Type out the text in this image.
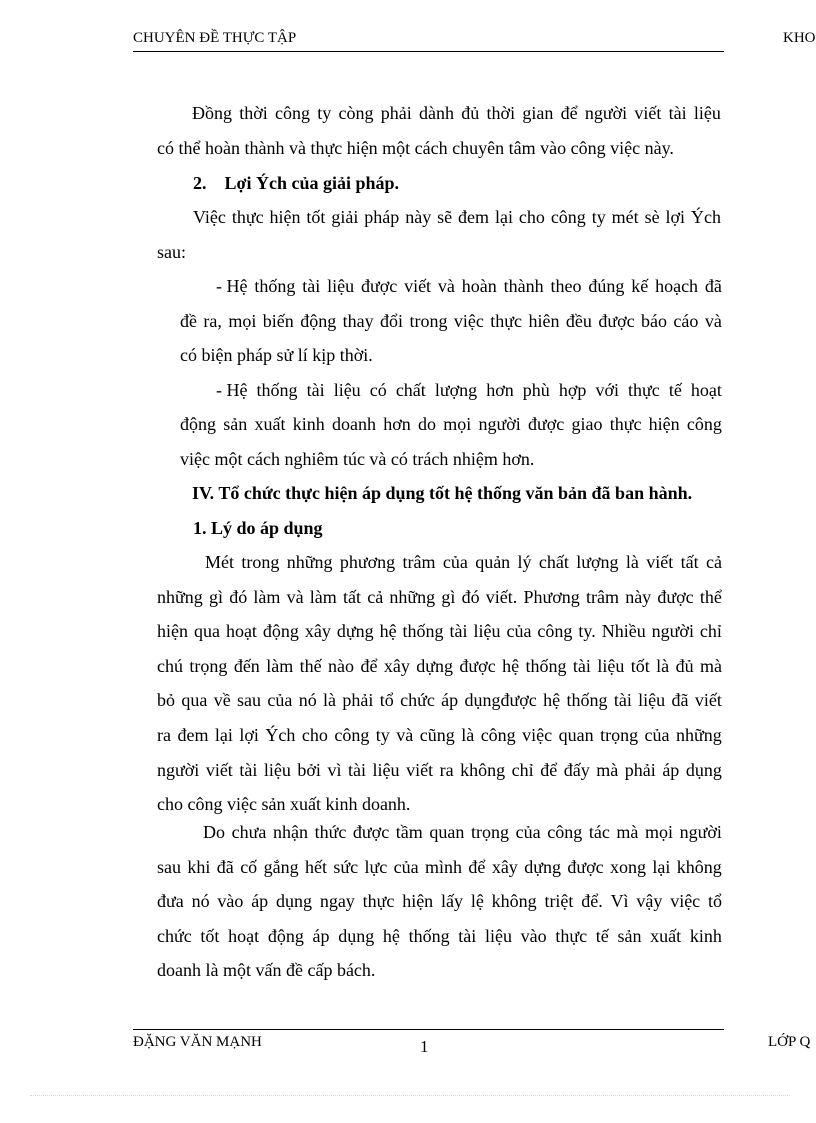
CHUYÊN ĐỀ THỰC TẬP	KHO
Đồng thời công ty còng phải dành đủ thời gian để người viết tài liệu
có thể hoàn thành và thực hiện một cách chuyên tâm vào công việc này.
2.    Lợi Ých của giải pháp.
Việc thực hiện tốt giải pháp này sẽ đem lại cho công ty mét sè lợi Ých
sau:
- Hệ thống tài liệu được viết và hoàn thành theo đúng kế hoạch đã
đề ra, mọi biến động thay đổi trong việc thực hiên đều được báo cáo và
có biện pháp sử lí kịp thời.
- Hệ thống tài liệu có chất lượng hơn phù hợp với thực tế hoạt
động sản xuất kinh doanh hơn do mọi người được giao thực hiện công
việc một cách nghiêm túc và có trách nhiệm hơn.
IV. Tổ chức thực hiện áp dụng tốt hệ thống văn bản đã ban hành.
1. Lý do áp dụng
Mét trong những phương trâm của quản lý chất lượng là viết tất cả
những gì đó làm và làm tất cả những gì đó viết. Phương trâm này được thể
hiện qua hoạt động xây dựng hệ thống tài liệu của công ty. Nhiều người chỉ
chú trọng đến làm thế nào để xây dựng được hệ thống tài liệu tốt là đủ mà
bỏ qua về sau của nó là phải tổ chức áp dụngđược hệ thống tài liệu đã viết
ra đem lại lợi Ých cho công ty và cũng là công việc quan trọng của những
người viết tài liệu bởi vì tài liệu viết ra không chỉ để đấy mà phải áp dụng
cho công việc sản xuất kinh doanh.
Do chưa nhận thức được tầm quan trọng của công tác mà mọi người
sau khi đã cố gắng hết sức lực của mình để xây dựng được xong lại không
đưa nó vào áp dụng ngay thực hiện lấy lệ không triệt để. Vì vậy việc tổ
chức tốt hoạt động áp dụng hệ thống tài liệu vào thực tế sản xuất kinh
doanh là một vấn đề cấp bách.
ĐẶNG VĂN MẠNH	1	LỚP Q
